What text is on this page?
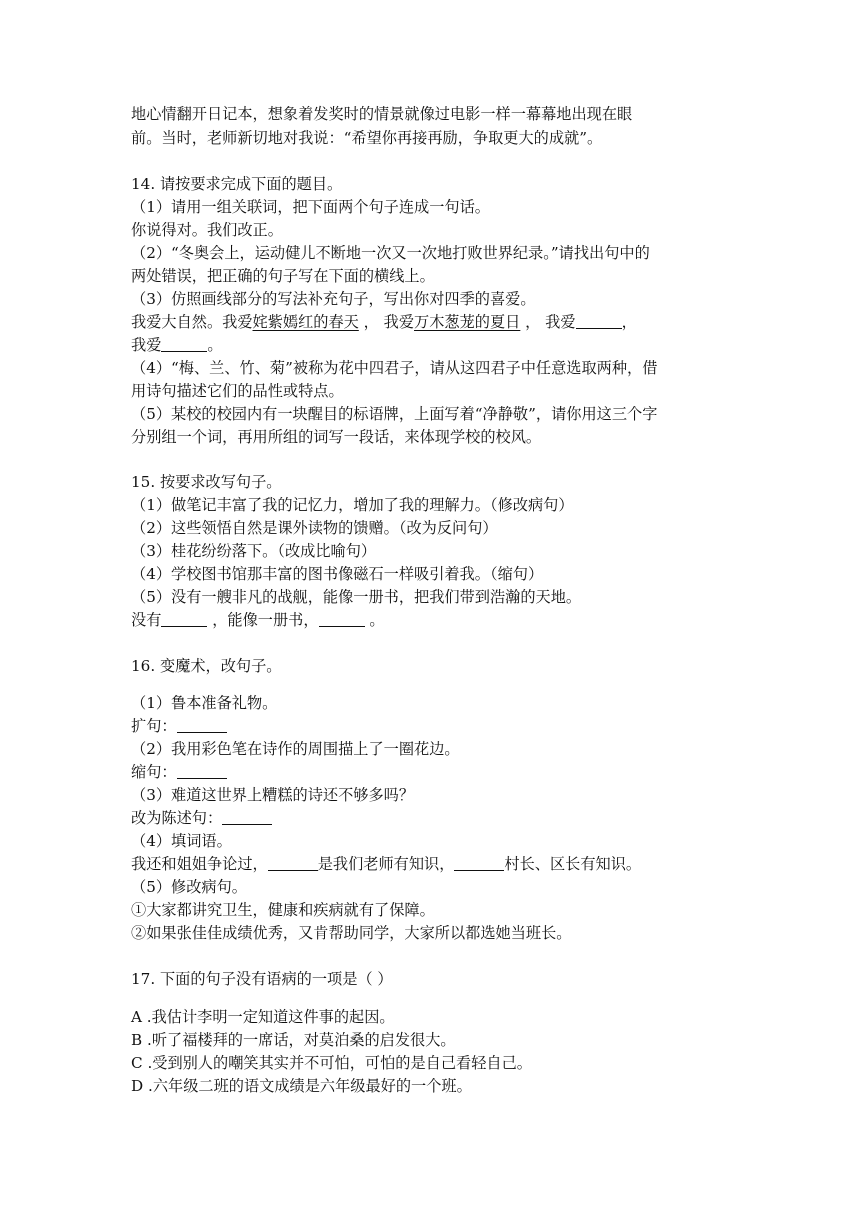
地心情翻开日记本，想象着发奖时的情景就像过电影一样一幕幕地出现在眼

前。当时，老师新切地对我说：“希望你再接再励，争取更大的成就”。

14. 请按要求完成下面的题目。

（1）请用一组关联词，把下面两个句子连成一句话。

你说得对。我们改正。

（2）“冬奥会上，运动健儿不断地一次又一次地打败世界纪录。”请找出句中的

两处错误，把正确的句子写在下面的横线上。

（3）仿照画线部分的写法补充句子，写出你对四季的喜爱。

我爱大自然。我爱姹紫嫣红的春天 ， 我爱万木葱茏的夏日 ， 我爱	，

我爱	。

（4）“梅、兰、竹、菊”被称为花中四君子，请从这四君子中任意选取两种，借

用诗句描述它们的品性或特点。

（5）某校的校园内有一块醒目的标语牌，上面写着“净静敬”，请你用这三个字

分别组一个词，再用所组的词写一段话，来体现学校的校风。

15. 按要求改写句子。

（1）做笔记丰富了我的记忆力，增加了我的理解力。（修改病句）

（2）这些领悟自然是课外读物的馈赠。（改为反问句）

（3）桂花纷纷落下。（改成比喻句）

（4）学校图书馆那丰富的图书像磁石一样吸引着我。（缩句）

（5）没有一艘非凡的战舰，能像一册书，把我们带到浩瀚的天地。

没有	，能像一册书，	。

16. 变魔术，改句子。

（1）鲁本准备礼物。

扩句：

（2）我用彩色笔在诗作的周围描上了一圈花边。

缩句：

（3）难道这世界上糟糕的诗还不够多吗？

改为陈述句：

（4）填词语。

我还和姐姐争论过，	是我们老师有知识，	村长、区长有知识。

（5）修改病句。

①大家都讲究卫生，健康和疾病就有了保障。

②如果张佳佳成绩优秀，又肯帮助同学，大家所以都选她当班长。

17. 下面的句子没有语病的一项是（ ）

A .我估计李明一定知道这件事的起因。

B .听了福楼拜的一席话，对莫泊桑的启发很大。

C .受到别人的嘲笑其实并不可怕，可怕的是自己看轻自己。

D .六年级二班的语文成绩是六年级最好的一个班。
